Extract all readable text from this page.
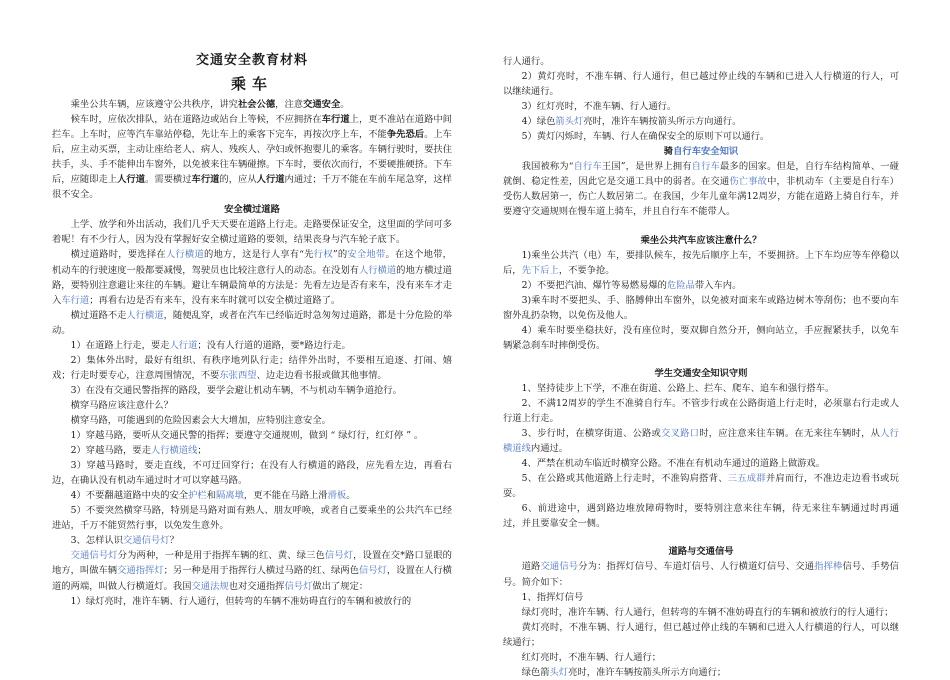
交通安全教育材料
乘车

乘坐公共车辆，应该遵守公共秩序，讲究社会公德，注意交通安全。

候车时，应依次排队，站在道路边或站台上等候，不应拥挤在车行道上，更不准站在道路中间拦车。上车时，应等汽车靠站停稳，先让车上的乘客下完车，再按次序上车，不能争先恐后。上车后，应主动买票，主动让座给老人、病人、残疾人、孕妇或怀抱婴儿的乘客。车辆行驶时，要扶住扶手，头、手不能伸出车窗外，以免被来往车辆碰擦。下车时，要依次而行，不要硬推硬挤。下车后，应随即走上人行道。需要横过车行道的，应从人行道内通过；千万不能在车前车尾急穿，这样很不安全。

安全横过道路

上学、放学和外出活动，我们几乎天天要在道路上行走。走路要保证安全，这里面的学问可多着呢！有不少行人，因为没有掌握好安全横过道路的要领，结果丧身与汽车轮子底下。

横过道路时，要选择在人行横道的地方，这是行人享有“先行权”的安全地带。在这个地带，机动车的行驶速度一般都要减慢，驾驶员也比较注意行人的动态。在没划有人行横道的地方横过道路，要特别注意避让来往的车辆。避让车辆最简单的方法是：先看左边是否有来车，没有来车才走入车行道；再看右边是否有来车，没有来车时就可以安全横过道路了。

横过道路不走人行横道，随便乱穿，或者在汽车已经临近时急匆匆过道路，都是十分危险的举动。

1）在道路上行走，要走人行道；没有人行道的道路，要*路边行走。

2）集体外出时，最好有组织、有秩序地列队行走；结伴外出时，不要相互追逐、打闹、嬉戏；行走时要专心，注意周围情况，不要东张西望、边走边看书报或做其他事情。

3）在没有交通民警指挥的路段，要学会避让机动车辆，不与机动车辆争道抢行。

横穿马路应该注意什么？

横穿马路，可能遇到的危险因素会大大增加，应特别注意安全。

1）穿越马路，要听从交通民警的指挥；要遵守交通规则，做到 “ 绿灯行，红灯停 ” 。

2）穿越马路，要走人行横道线；

3）穿越马路时，要走直线，不可迂回穿行；在没有人行横道的路段，应先看左边，再看右边，在确认没有机动车通过时才可以穿越马路。

4）不要翻越道路中央的安全护栏和隔离墩，更不能在马路上滑滑板。

5）不要突然横穿马路，特别是马路对面有熟人、朋友呼唤，或者自己要乘坐的公共汽车已经进站，千万不能贸然行事，以免发生意外。

3、怎样认识交通信号灯？

交通信号灯分为两种，一种是用于指挥车辆的红、黄、绿三色信号灯，设置在交*路口显眼的地方，叫做车辆交通指挥灯；另一种是用于指挥行人横过马路的红、绿两色信号灯，设置在人行横道的两端，叫做人行横道灯。我国交通法规也对交通指挥信号灯做出了规定：

1）绿灯亮时，准许车辆、行人通行，但转弯的车辆不准妨碍直行的车辆和被放行的

行人通行。

2）黄灯亮时，不准车辆、行人通行，但已越过停止线的车辆和已进入人行横道的行人，可以继续通行。

3）红灯亮时，不准车辆、行人通行。

4）绿色箭头灯亮时，准许车辆按箭头所示方向通行。

5）黄灯闪烁时，车辆、行人在确保安全的原则下可以通行。

骑自行车安全知识

我国被称为“自行车王国”，是世界上拥有自行车最多的国家。但是，自行车结构简单、一碰就倒、稳定性差，因此它是交通工具中的弱者。在交通伤亡事故中，非机动车（主要是自行车）受伤人数居第一，伤亡人数居第二。在我国，少年儿童年满12周岁，方能在道路上骑自行车，并要遵守交通规则在慢车道上骑车，并且自行车不能带人。

乘坐公共汽车应该注意什么？

1)乘坐公共汽（电）车，要排队候车，按先后顺序上车，不要拥挤。上下车均应等车停稳以后，先下后上，不要争抢。

2）不要把汽油、爆竹等易燃易爆的危险品带入车内。

3)乘车时不要把头、手、胳膊伸出车窗外，以免被对面来车或路边树木等刮伤；也不要向车窗外乱扔杂物，以免伤及他人。

4）乘车时要坐稳扶好，没有座位时，要双脚自然分开，侧向站立，手应握紧扶手，以免车辆紧急刹车时摔倒受伤。

学生交通安全知识守则

1、坚持徒步上下学，不准在街道、公路上、拦车、爬车、追车和强行搭车。

2、不满12周岁的学生不准骑自行车。不管步行或在公路街道上行走时，必须靠右行走或人行道上行走。

3、步行时，在横穿街道、公路或交叉路口时，应注意来往车辆。在无来往车辆时，从人行横道线内通过。

4、严禁在机动车临近时横穿公路。不准在有机动车通过的道路上做游戏。

5、在公路或其他道路上行走时，不准钩肩搭背、三五成群并肩而行，不准边走边看书或玩耍。

6、前进途中，遇到路边堆放障碍物时，要特别注意来往车辆，待无来往车辆通过时再通过，并且要靠安全一侧。

道路与交通信号

道路交通信号分为：指挥灯信号、车道灯信号、人行横道灯信号、交通指挥棒信号、手势信号。简介如下：

1、指挥灯信号

绿灯亮时，准许车辆、行人通行，但转弯的车辆不准妨碍直行的车辆和被放行的行人通行；

黄灯亮时，不准车辆、行人通行，但已越过停止线的车辆和已进入人行横道的行人，可以继续通行；

红灯亮时，不准车辆、行人通行；

绿色箭头灯亮时，准许车辆按箭头所示方向通行；
